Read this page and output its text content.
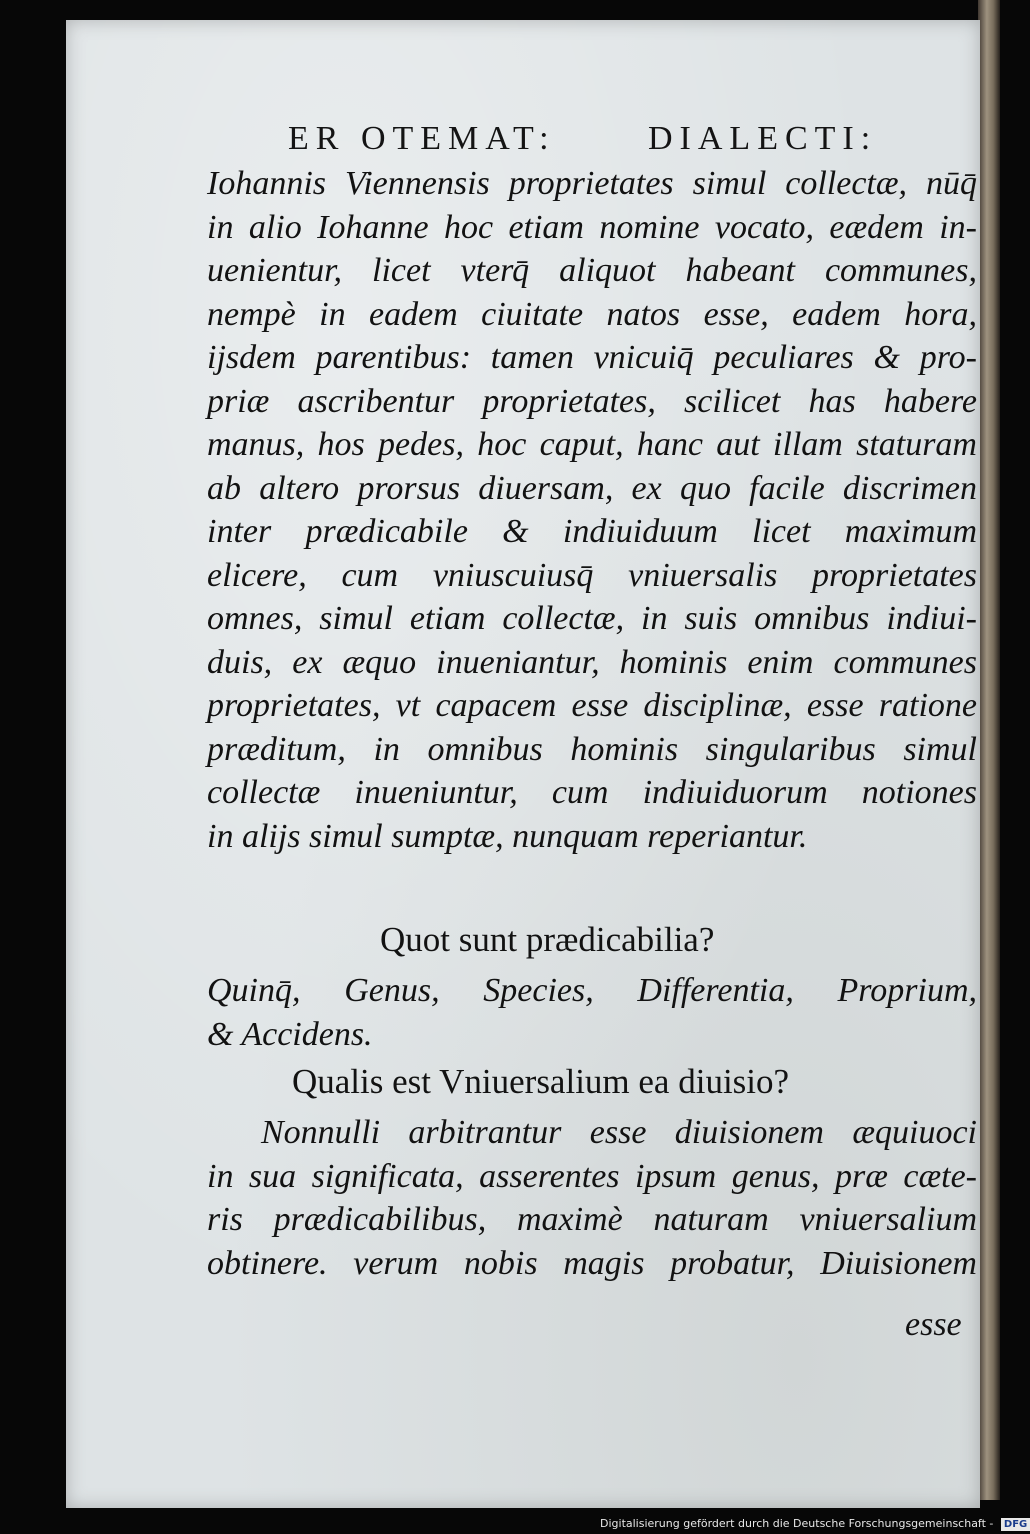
ER OTEMAT:	DIALECTI:
Iohannis Viennensis proprietates simul collectæ, nūq̄
in alio Iohanne hoc etiam nomine vocato, eædem in-
uenientur, licet vterq̄ aliquot habeant communes,
nempè in eadem ciuitate natos esse, eadem hora,
ijsdem parentibus: tamen vnicuiq̄ peculiares & pro-
priæ ascribentur proprietates, scilicet has habere
manus, hos pedes, hoc caput, hanc aut illam staturam
ab altero prorsus diuersam, ex quo facile discrimen
inter prædicabile & indiuiduum licet maximum
elicere, cum vniuscuiusq̄ vniuersalis proprietates
omnes, simul etiam collectæ, in suis omnibus indiui-
duis, ex æquo inueniantur, hominis enim communes
proprietates, vt capacem esse disciplinæ, esse ratione
præditum, in omnibus hominis singularibus simul
collectæ inueniuntur, cum indiuiduorum notiones
in alijs simul sumptæ, nunquam reperiantur.
Quot sunt prædicabilia?
Quinq̄, Genus, Species, Differentia, Proprium,
& Accidens.
Qualis est Vniuersalium ea diuisio?
Nonnulli arbitrantur esse diuisionem æquiuoci
in sua significata, asserentes ipsum genus, præ cæte-
ris prædicabilibus, maximè naturam vniuersalium
obtinere. verum nobis magis probatur, Diuisionem
esse
Digitalisierung gefördert durch die Deutsche Forschungsgemeinschaft - DFG
